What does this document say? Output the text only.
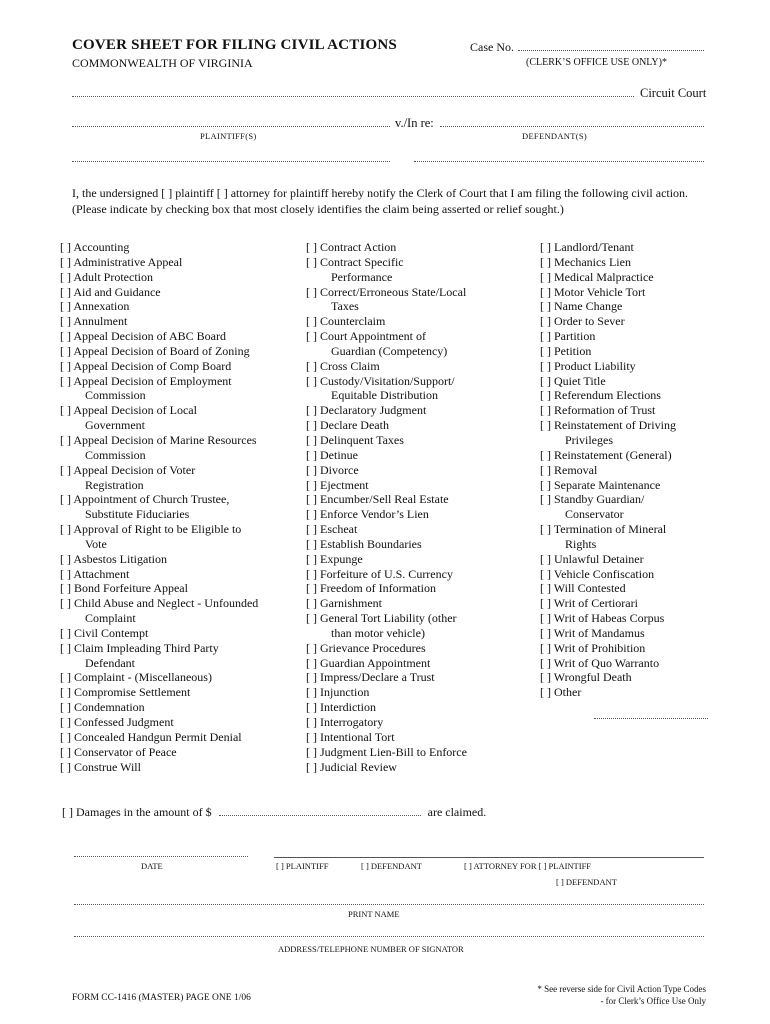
COVER SHEET FOR FILING CIVIL ACTIONS
COMMONWEALTH OF VIRGINIA
Case No.
(CLERK’S OFFICE USE ONLY)*
Circuit Court
v./In re:
PLAINTIFF(S)	DEFENDANT(S)
I, the undersigned [ ] plaintiff [ ] attorney for plaintiff hereby notify the Clerk of Court that I am filing the following civil action. (Please indicate by checking box that most closely identifies the claim being asserted or relief sought.)
[ ] Accounting
[ ] Administrative Appeal
[ ] Adult Protection
[ ] Aid and Guidance
[ ] Annexation
[ ] Annulment
[ ] Appeal Decision of ABC Board
[ ] Appeal Decision of Board of Zoning
[ ] Appeal Decision of Comp Board
[ ] Appeal Decision of Employment
Commission
[ ] Appeal Decision of Local
Government
[ ] Appeal Decision of Marine Resources
Commission
[ ] Appeal Decision of Voter
Registration
[ ] Appointment of Church Trustee,
Substitute Fiduciaries
[ ] Approval of Right to be Eligible to
Vote
[ ] Asbestos Litigation
[ ] Attachment
[ ] Bond Forfeiture Appeal
[ ] Child Abuse and Neglect - Unfounded
Complaint
[ ] Civil Contempt
[ ] Claim Impleading Third Party
Defendant
[ ] Complaint - (Miscellaneous)
[ ] Compromise Settlement
[ ] Condemnation
[ ] Confessed Judgment
[ ] Concealed Handgun Permit Denial
[ ] Conservator of Peace
[ ] Construe Will
[ ] Contract Action
[ ] Contract Specific
Performance
[ ] Correct/Erroneous State/Local
Taxes
[ ] Counterclaim
[ ] Court Appointment of
Guardian (Competency)
[ ] Cross Claim
[ ] Custody/Visitation/Support/
Equitable Distribution
[ ] Declaratory Judgment
[ ] Declare Death
[ ] Delinquent Taxes
[ ] Detinue
[ ] Divorce
[ ] Ejectment
[ ] Encumber/Sell Real Estate
[ ] Enforce Vendor’s Lien
[ ] Escheat
[ ] Establish Boundaries
[ ] Expunge
[ ] Forfeiture of U.S. Currency
[ ] Freedom of Information
[ ] Garnishment
[ ] General Tort Liability (other
than motor vehicle)
[ ] Grievance Procedures
[ ] Guardian Appointment
[ ] Impress/Declare a Trust
[ ] Injunction
[ ] Interdiction
[ ] Interrogatory
[ ] Intentional Tort
[ ] Judgment Lien-Bill to Enforce
[ ] Judicial Review
[ ] Landlord/Tenant
[ ] Mechanics Lien
[ ] Medical Malpractice
[ ] Motor Vehicle Tort
[ ] Name Change
[ ] Order to Sever
[ ] Partition
[ ] Petition
[ ] Product Liability
[ ] Quiet Title
[ ] Referendum Elections
[ ] Reformation of Trust
[ ] Reinstatement of Driving
Privileges
[ ] Reinstatement (General)
[ ] Removal
[ ] Separate Maintenance
[ ] Standby Guardian/
Conservator
[ ] Termination of Mineral
Rights
[ ] Unlawful Detainer
[ ] Vehicle Confiscation
[ ] Will Contested
[ ] Writ of Certiorari
[ ] Writ of Habeas Corpus
[ ] Writ of Mandamus
[ ] Writ of Prohibition
[ ] Writ of Quo Warranto
[ ] Wrongful Death
[ ] Other
[ ] Damages in the amount of $	are claimed.
DATE	[ ] PLAINTIFF	[ ] DEFENDANT	[ ] ATTORNEY FOR [ ] PLAINTIFF
[ ] DEFENDANT
PRINT NAME
ADDRESS/TELEPHONE NUMBER OF SIGNATOR
FORM CC-1416 (MASTER) PAGE ONE 1/06
* See reverse side for Civil Action Type Codes
- for Clerk’s Office Use Only
